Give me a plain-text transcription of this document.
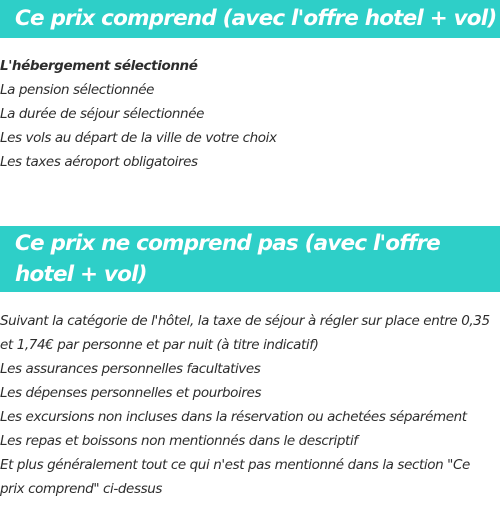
Ce prix comprend (avec l'offre hotel + vol)
L'hébergement sélectionné
La pension sélectionnée
La durée de séjour sélectionnée
Les vols au départ de la ville de votre choix
Les taxes aéroport obligatoires
Ce prix ne comprend pas (avec l'offre hotel + vol)
Suivant la catégorie de l'hôtel, la taxe de séjour à régler sur place entre 0,35 et 1,74€ par personne et par nuit (à titre indicatif)
Les assurances personnelles facultatives
Les dépenses personnelles et pourboires
Les excursions non incluses dans la réservation ou achetées séparément
Les repas et boissons non mentionnés dans le descriptif
Et plus généralement tout ce qui n'est pas mentionné dans la section "Ce prix comprend" ci-dessus
